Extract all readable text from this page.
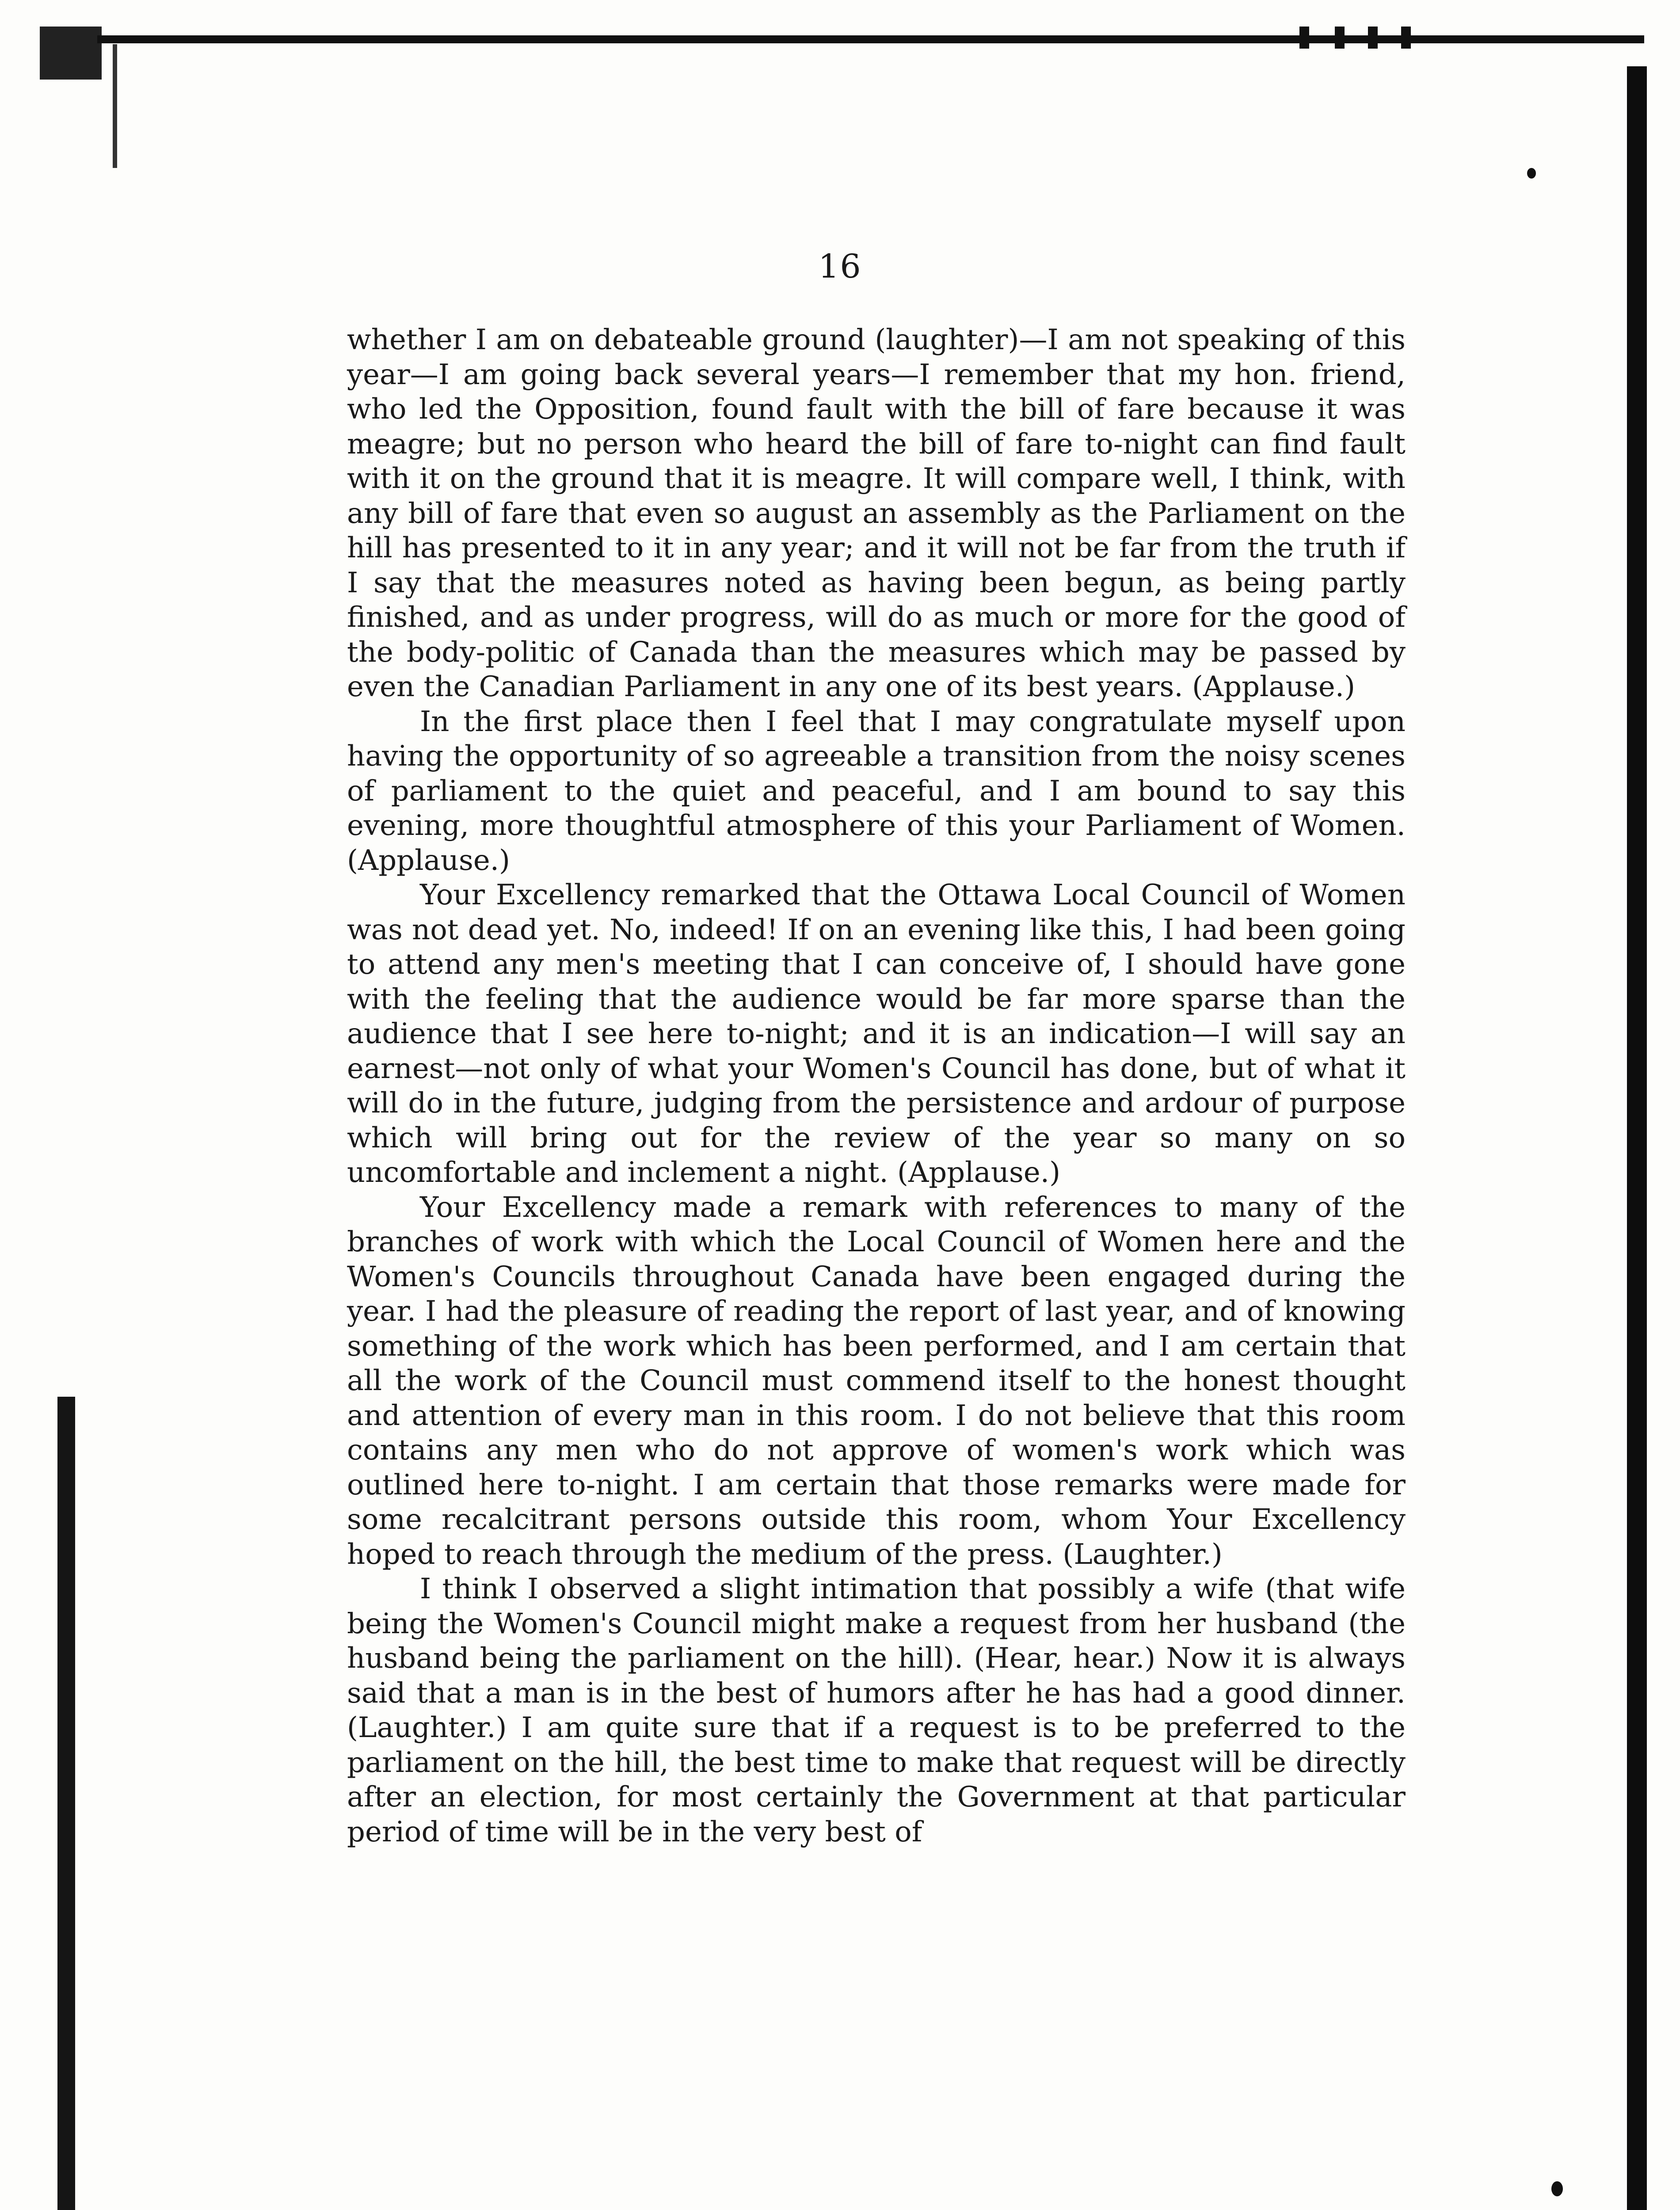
16

whether I am on debateable ground (laughter)—I am not speaking of this year—I am going back several years—I remember that my hon. friend, who led the Opposition, found fault with the bill of fare because it was meagre; but no person who heard the bill of fare to-night can find fault with it on the ground that it is meagre. It will compare well, I think, with any bill of fare that even so august an assembly as the Parliament on the hill has presented to it in any year; and it will not be far from the truth if I say that the measures noted as having been begun, as being partly finished, and as under progress, will do as much or more for the good of the body-politic of Canada than the measures which may be passed by even the Canadian Parliament in any one of its best years. (Applause.)

In the first place then I feel that I may congratulate myself upon having the opportunity of so agreeable a transition from the noisy scenes of parliament to the quiet and peaceful, and I am bound to say this evening, more thoughtful atmosphere of this your Parliament of Women. (Applause.)

Your Excellency remarked that the Ottawa Local Council of Women was not dead yet. No, indeed! If on an evening like this, I had been going to attend any men's meeting that I can conceive of, I should have gone with the feeling that the audience would be far more sparse than the audience that I see here to-night; and it is an indication—I will say an earnest—not only of what your Women's Council has done, but of what it will do in the future, judging from the persistence and ardour of purpose which will bring out for the review of the year so many on so uncomfortable and inclement a night. (Applause.)

Your Excellency made a remark with references to many of the branches of work with which the Local Council of Women here and the Women's Councils throughout Canada have been engaged during the year. I had the pleasure of reading the report of last year, and of knowing something of the work which has been performed, and I am certain that all the work of the Council must commend itself to the honest thought and attention of every man in this room. I do not believe that this room contains any men who do not approve of women's work which was outlined here to-night. I am certain that those remarks were made for some recalcitrant persons outside this room, whom Your Excellency hoped to reach through the medium of the press. (Laughter.)

I think I observed a slight intimation that possibly a wife (that wife being the Women's Council might make a request from her husband (the husband being the parliament on the hill). (Hear, hear.) Now it is always said that a man is in the best of humors after he has had a good dinner. (Laughter.) I am quite sure that if a request is to be preferred to the parliament on the hill, the best time to make that request will be directly after an election, for most certainly the Government at that particular period of time will be in the very best of
